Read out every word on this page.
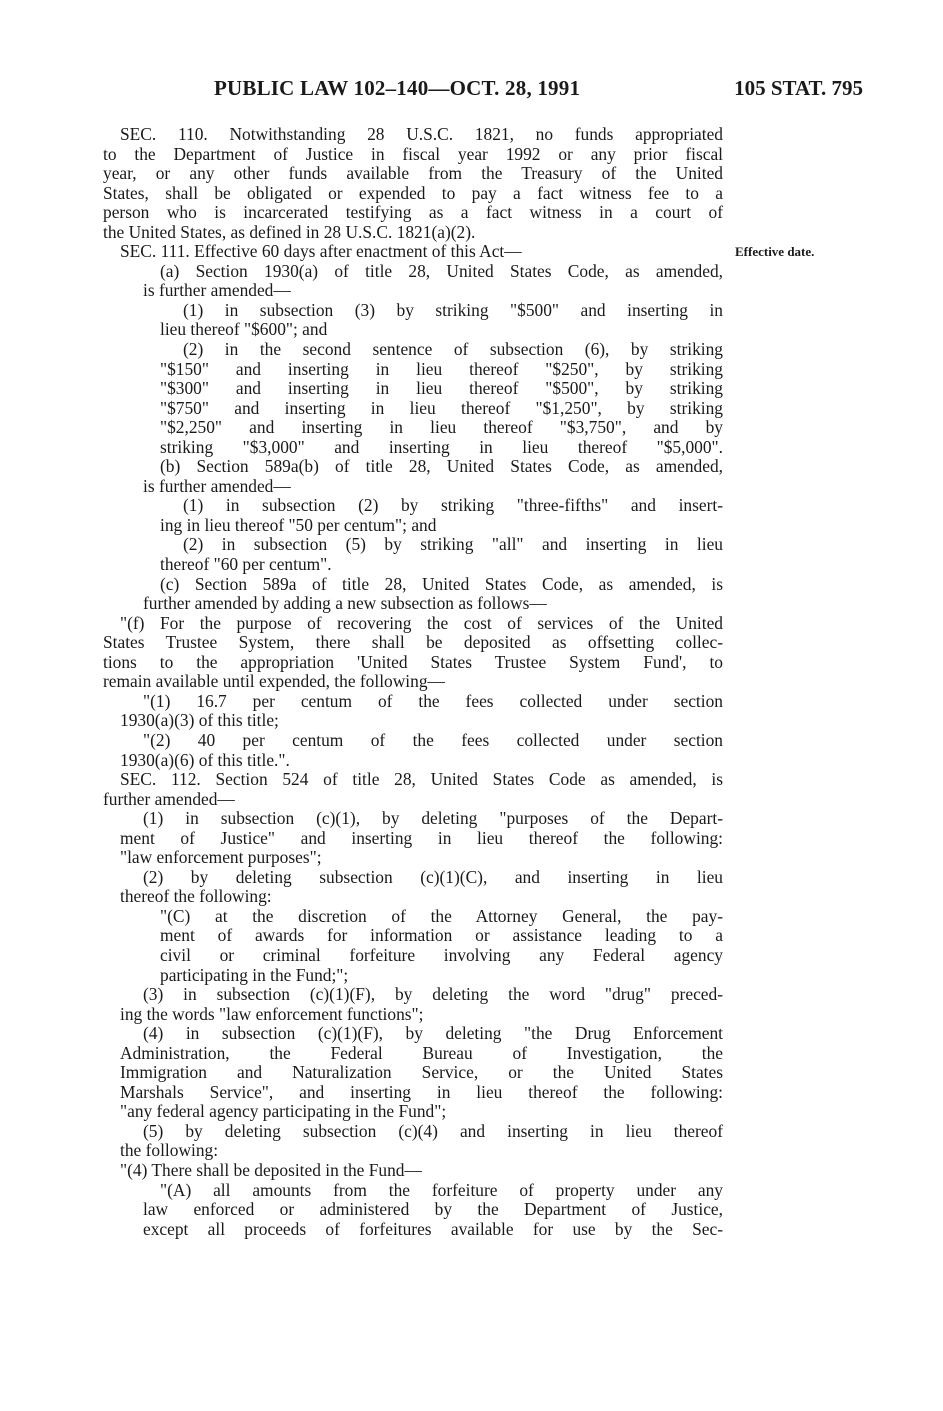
PUBLIC LAW 102–140—OCT. 28, 1991	105 STAT. 795
Effective date.
SEC. 110. Notwithstanding 28 U.S.C. 1821, no funds appropriated
to the Department of Justice in fiscal year 1992 or any prior fiscal
year, or any other funds available from the Treasury of the United
States, shall be obligated or expended to pay a fact witness fee to a
person who is incarcerated testifying as a fact witness in a court of
the United States, as defined in 28 U.S.C. 1821(a)(2).
SEC. 111. Effective 60 days after enactment of this Act—
(a) Section 1930(a) of title 28, United States Code, as amended,
is further amended—
(1) in subsection (3) by striking "$500" and inserting in
lieu thereof "$600"; and
(2) in the second sentence of subsection (6), by striking
"$150" and inserting in lieu thereof "$250", by striking
"$300" and inserting in lieu thereof "$500", by striking
"$750" and inserting in lieu thereof "$1,250", by striking
"$2,250" and inserting in lieu thereof "$3,750", and by
striking "$3,000" and inserting in lieu thereof "$5,000".
(b) Section 589a(b) of title 28, United States Code, as amended,
is further amended—
(1) in subsection (2) by striking "three-fifths" and insert-
ing in lieu thereof "50 per centum"; and
(2) in subsection (5) by striking "all" and inserting in lieu
thereof "60 per centum".
(c) Section 589a of title 28, United States Code, as amended, is
further amended by adding a new subsection as follows—
"(f) For the purpose of recovering the cost of services of the United
States Trustee System, there shall be deposited as offsetting collec-
tions to the appropriation 'United States Trustee System Fund', to
remain available until expended, the following—
"(1) 16.7 per centum of the fees collected under section
1930(a)(3) of this title;
"(2) 40 per centum of the fees collected under section
1930(a)(6) of this title.".
SEC. 112. Section 524 of title 28, United States Code as amended, is
further amended—
(1) in subsection (c)(1), by deleting "purposes of the Depart-
ment of Justice" and inserting in lieu thereof the following:
"law enforcement purposes";
(2) by deleting subsection (c)(1)(C), and inserting in lieu
thereof the following:
"(C) at the discretion of the Attorney General, the pay-
ment of awards for information or assistance leading to a
civil or criminal forfeiture involving any Federal agency
participating in the Fund;";
(3) in subsection (c)(1)(F), by deleting the word "drug" preced-
ing the words "law enforcement functions";
(4) in subsection (c)(1)(F), by deleting "the Drug Enforcement
Administration, the Federal Bureau of Investigation, the
Immigration and Naturalization Service, or the United States
Marshals Service", and inserting in lieu thereof the following:
"any federal agency participating in the Fund";
(5) by deleting subsection (c)(4) and inserting in lieu thereof
the following:
"(4) There shall be deposited in the Fund—
"(A) all amounts from the forfeiture of property under any
law enforced or administered by the Department of Justice,
except all proceeds of forfeitures available for use by the Sec-
